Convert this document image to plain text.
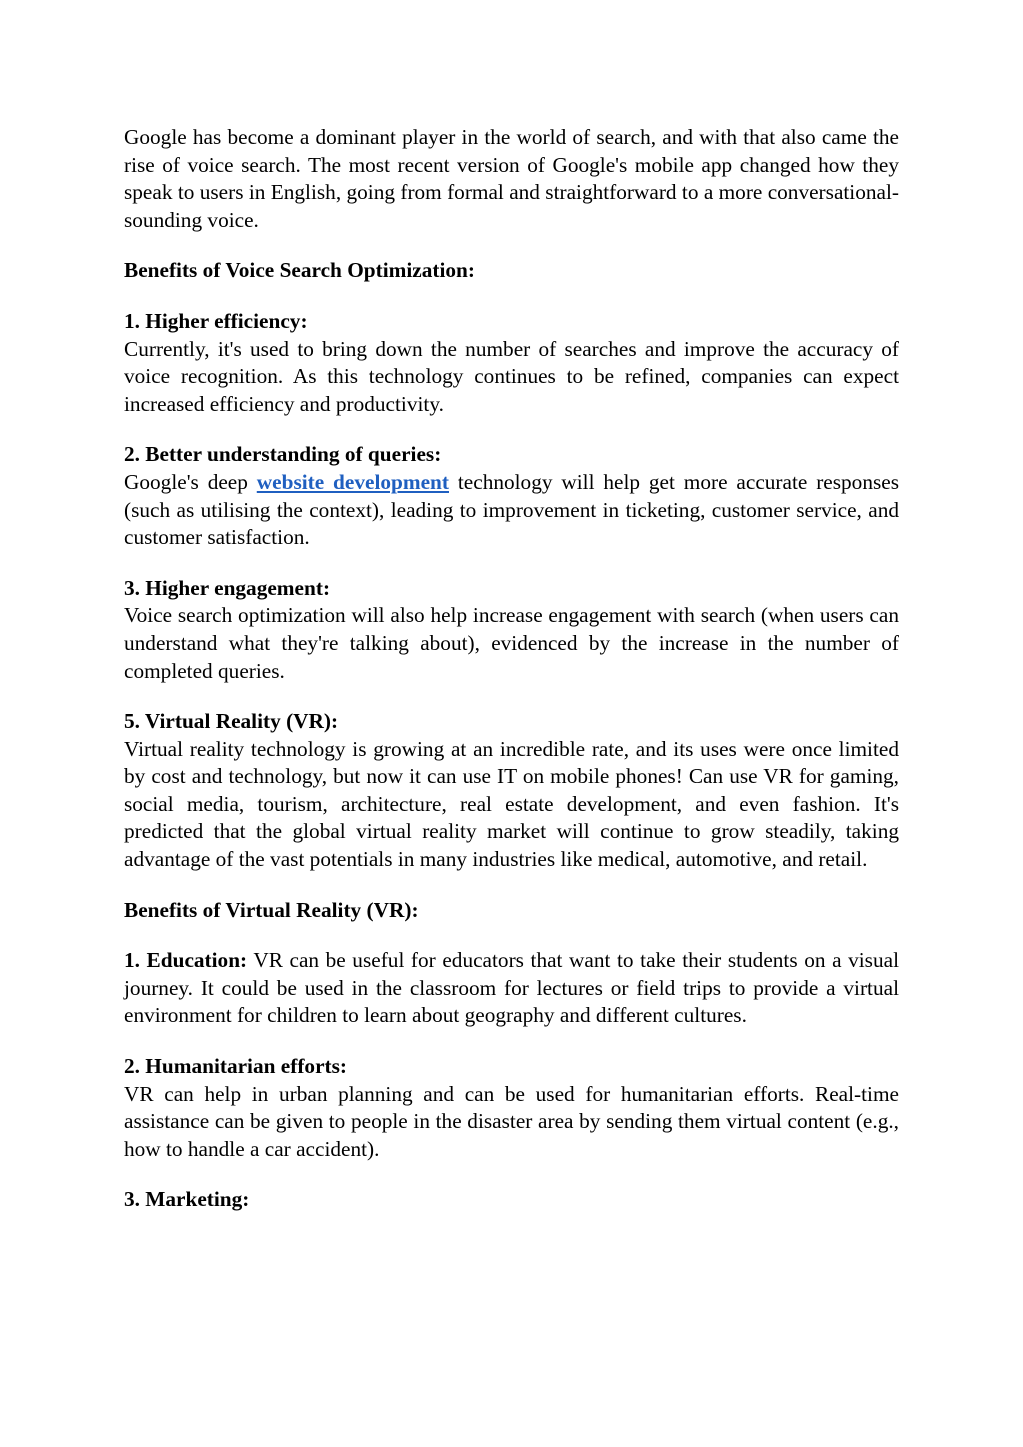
Google has become a dominant player in the world of search, and with that also came the rise of voice search. The most recent version of Google's mobile app changed how they speak to users in English, going from formal and straightforward to a more conversational-sounding voice.

Benefits of Voice Search Optimization:

1. Higher efficiency:
Currently, it's used to bring down the number of searches and improve the accuracy of voice recognition. As this technology continues to be refined, companies can expect increased efficiency and productivity.
2. Better understanding of queries:
Google's deep website development technology will help get more accurate responses (such as utilising the context), leading to improvement in ticketing, customer service, and customer satisfaction.
3. Higher engagement:
Voice search optimization will also help increase engagement with search (when users can understand what they're talking about), evidenced by the increase in the number of completed queries.
5. Virtual Reality (VR):
Virtual reality technology is growing at an incredible rate, and its uses were once limited by cost and technology, but now it can use IT on mobile phones! Can use VR for gaming, social media, tourism, architecture, real estate development, and even fashion. It's predicted that the global virtual reality market will continue to grow steadily, taking advantage of the vast potentials in many industries like medical, automotive, and retail.

Benefits of Virtual Reality (VR):

1. Education: VR can be useful for educators that want to take their students on a visual journey. It could be used in the classroom for lectures or field trips to provide a virtual environment for children to learn about geography and different cultures.

2. Humanitarian efforts:
VR can help in urban planning and can be used for humanitarian efforts. Real-time assistance can be given to people in the disaster area by sending them virtual content (e.g., how to handle a car accident).
3. Marketing:
